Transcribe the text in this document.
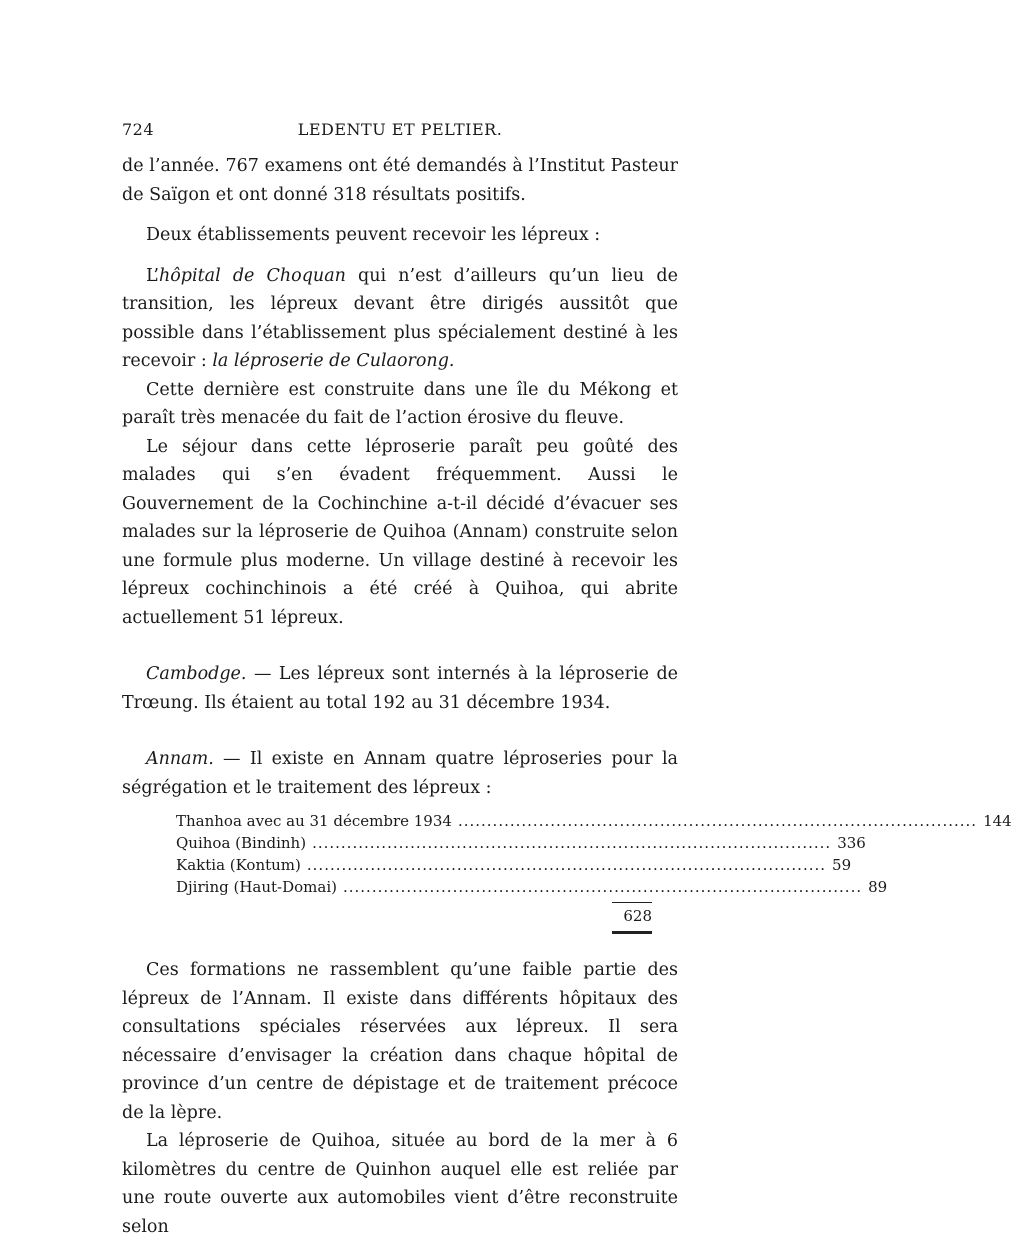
724	LEDENTU ET PELTIER.

de l’année. 767 examens ont été demandés à l’Institut Pasteur de Saïgon et ont donné 318 résultats positifs.

Deux établissements peuvent recevoir les lépreux :

L’hôpital de Choquan qui n’est d’ailleurs qu’un lieu de transition, les lépreux devant être dirigés aussitôt que possible dans l’établissement plus spécialement destiné à les recevoir : la léproserie de Culaorong.

Cette dernière est construite dans une île du Mékong et paraît très menacée du fait de l’action érosive du fleuve.

Le séjour dans cette léproserie paraît peu goûté des malades qui s’en évadent fréquemment. Aussi le Gouvernement de la Cochinchine a-t-il décidé d’évacuer ses malades sur la léproserie de Quihoa (Annam) construite selon une formule plus moderne. Un village destiné à recevoir les lépreux cochinchinois a été créé à Quihoa, qui abrite actuellement 51 lépreux.

Cambodge. — Les lépreux sont internés à la léproserie de Trœung. Ils étaient au total 192 au 31 décembre 1934.

Annam. — Il existe en Annam quatre léproseries pour la ségrégation et le traitement des lépreux :

Thanhoa avec au 31 décembre 1934 .......................................................................................... 144
Quihoa (Bindinh) .......................................................................................... 336
Kaktia (Kontum) .......................................................................................... 59
Djiring (Haut-Domai) .......................................................................................... 89
628

Ces formations ne rassemblent qu’une faible partie des lépreux de l’Annam. Il existe dans différents hôpitaux des consultations spéciales réservées aux lépreux. Il sera nécessaire d’envisager la création dans chaque hôpital de province d’un centre de dépistage et de traitement précoce de la lèpre.

La léproserie de Quihoa, située au bord de la mer à 6 kilomètres du centre de Quinhon auquel elle est reliée par une route ouverte aux automobiles vient d’être reconstruite selon
